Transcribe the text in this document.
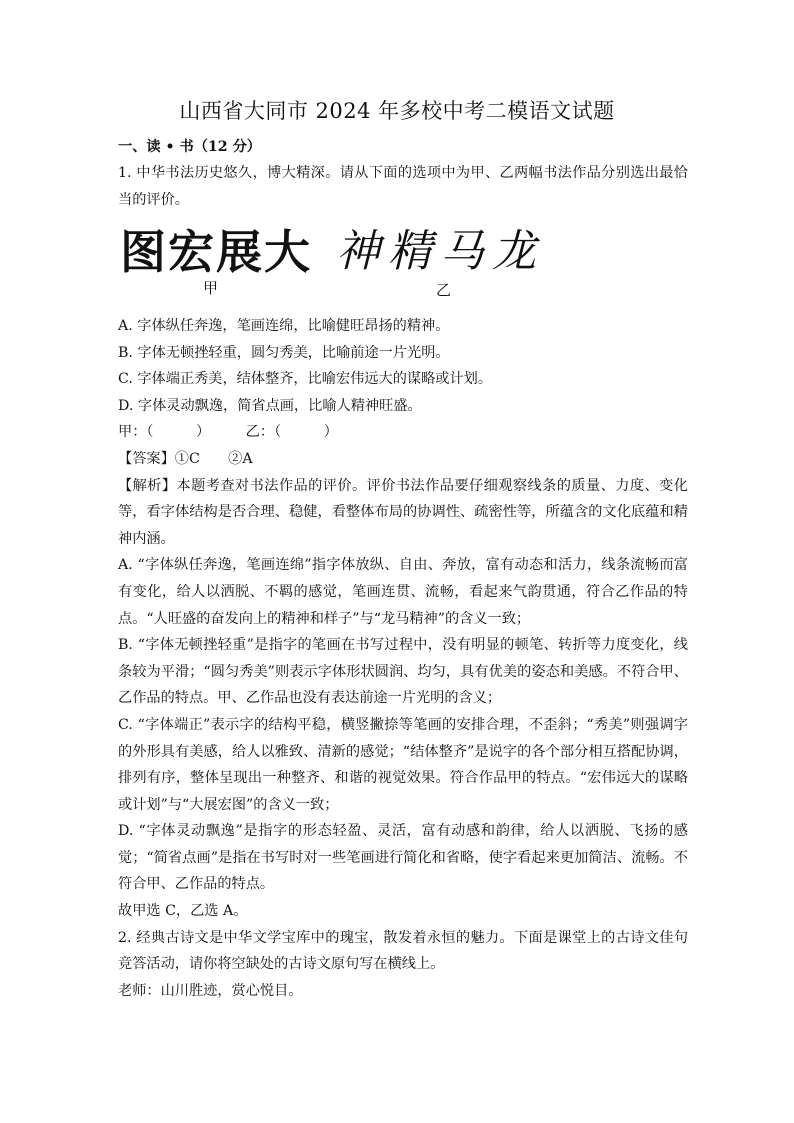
山西省大同市 2024 年多校中考二模语文试题
一、读 • 书（12 分）
1. 中华书法历史悠久，博大精深。请从下面的选项中为甲、乙两幅书法作品分别选出最恰当的评价。
图宏展大 神精马龙
甲	乙
A. 字体纵任奔逸，笔画连绵，比喻健旺昂扬的精神。
B. 字体无顿挫轻重，圆匀秀美，比喻前途一片光明。
C. 字体端正秀美，结体整齐，比喻宏伟远大的谋略或计划。
D. 字体灵动飘逸，简省点画，比喻人精神旺盛。
甲：（　　　）　　　乙：（　　　）
【答案】①C　　②A
【解析】本题考查对书法作品的评价。评价书法作品要仔细观察线条的质量、力度、变化等，看字体结构是否合理、稳健，看整体布局的协调性、疏密性等，所蕴含的文化底蕴和精神内涵。
A. “字体纵任奔逸，笔画连绵”指字体放纵、自由、奔放，富有动态和活力，线条流畅而富有变化，给人以洒脱、不羁的感觉，笔画连贯、流畅，看起来气韵贯通，符合乙作品的特点。“人旺盛的奋发向上的精神和样子”与“龙马精神”的含义一致；
B. “字体无顿挫轻重”是指字的笔画在书写过程中，没有明显的顿笔、转折等力度变化，线条较为平滑；“圆匀秀美”则表示字体形状圆润、均匀，具有优美的姿态和美感。不符合甲、乙作品的特点。甲、乙作品也没有表达前途一片光明的含义；
C. “字体端正”表示字的结构平稳，横竖撇捺等笔画的安排合理，不歪斜；“秀美”则强调字的外形具有美感，给人以雅致、清新的感觉；“结体整齐”是说字的各个部分相互搭配协调，排列有序，整体呈现出一种整齐、和谐的视觉效果。符合作品甲的特点。“宏伟远大的谋略或计划”与“大展宏图”的含义一致；
D. “字体灵动飘逸”是指字的形态轻盈、灵活，富有动感和韵律，给人以洒脱、飞扬的感觉；“简省点画”是指在书写时对一些笔画进行简化和省略，使字看起来更加简洁、流畅。不符合甲、乙作品的特点。
故甲选 C，乙选 A。
2. 经典古诗文是中华文学宝库中的瑰宝，散发着永恒的魅力。下面是课堂上的古诗文佳句竞答活动，请你将空缺处的古诗文原句写在横线上。
老师：山川胜迹，赏心悦目。
